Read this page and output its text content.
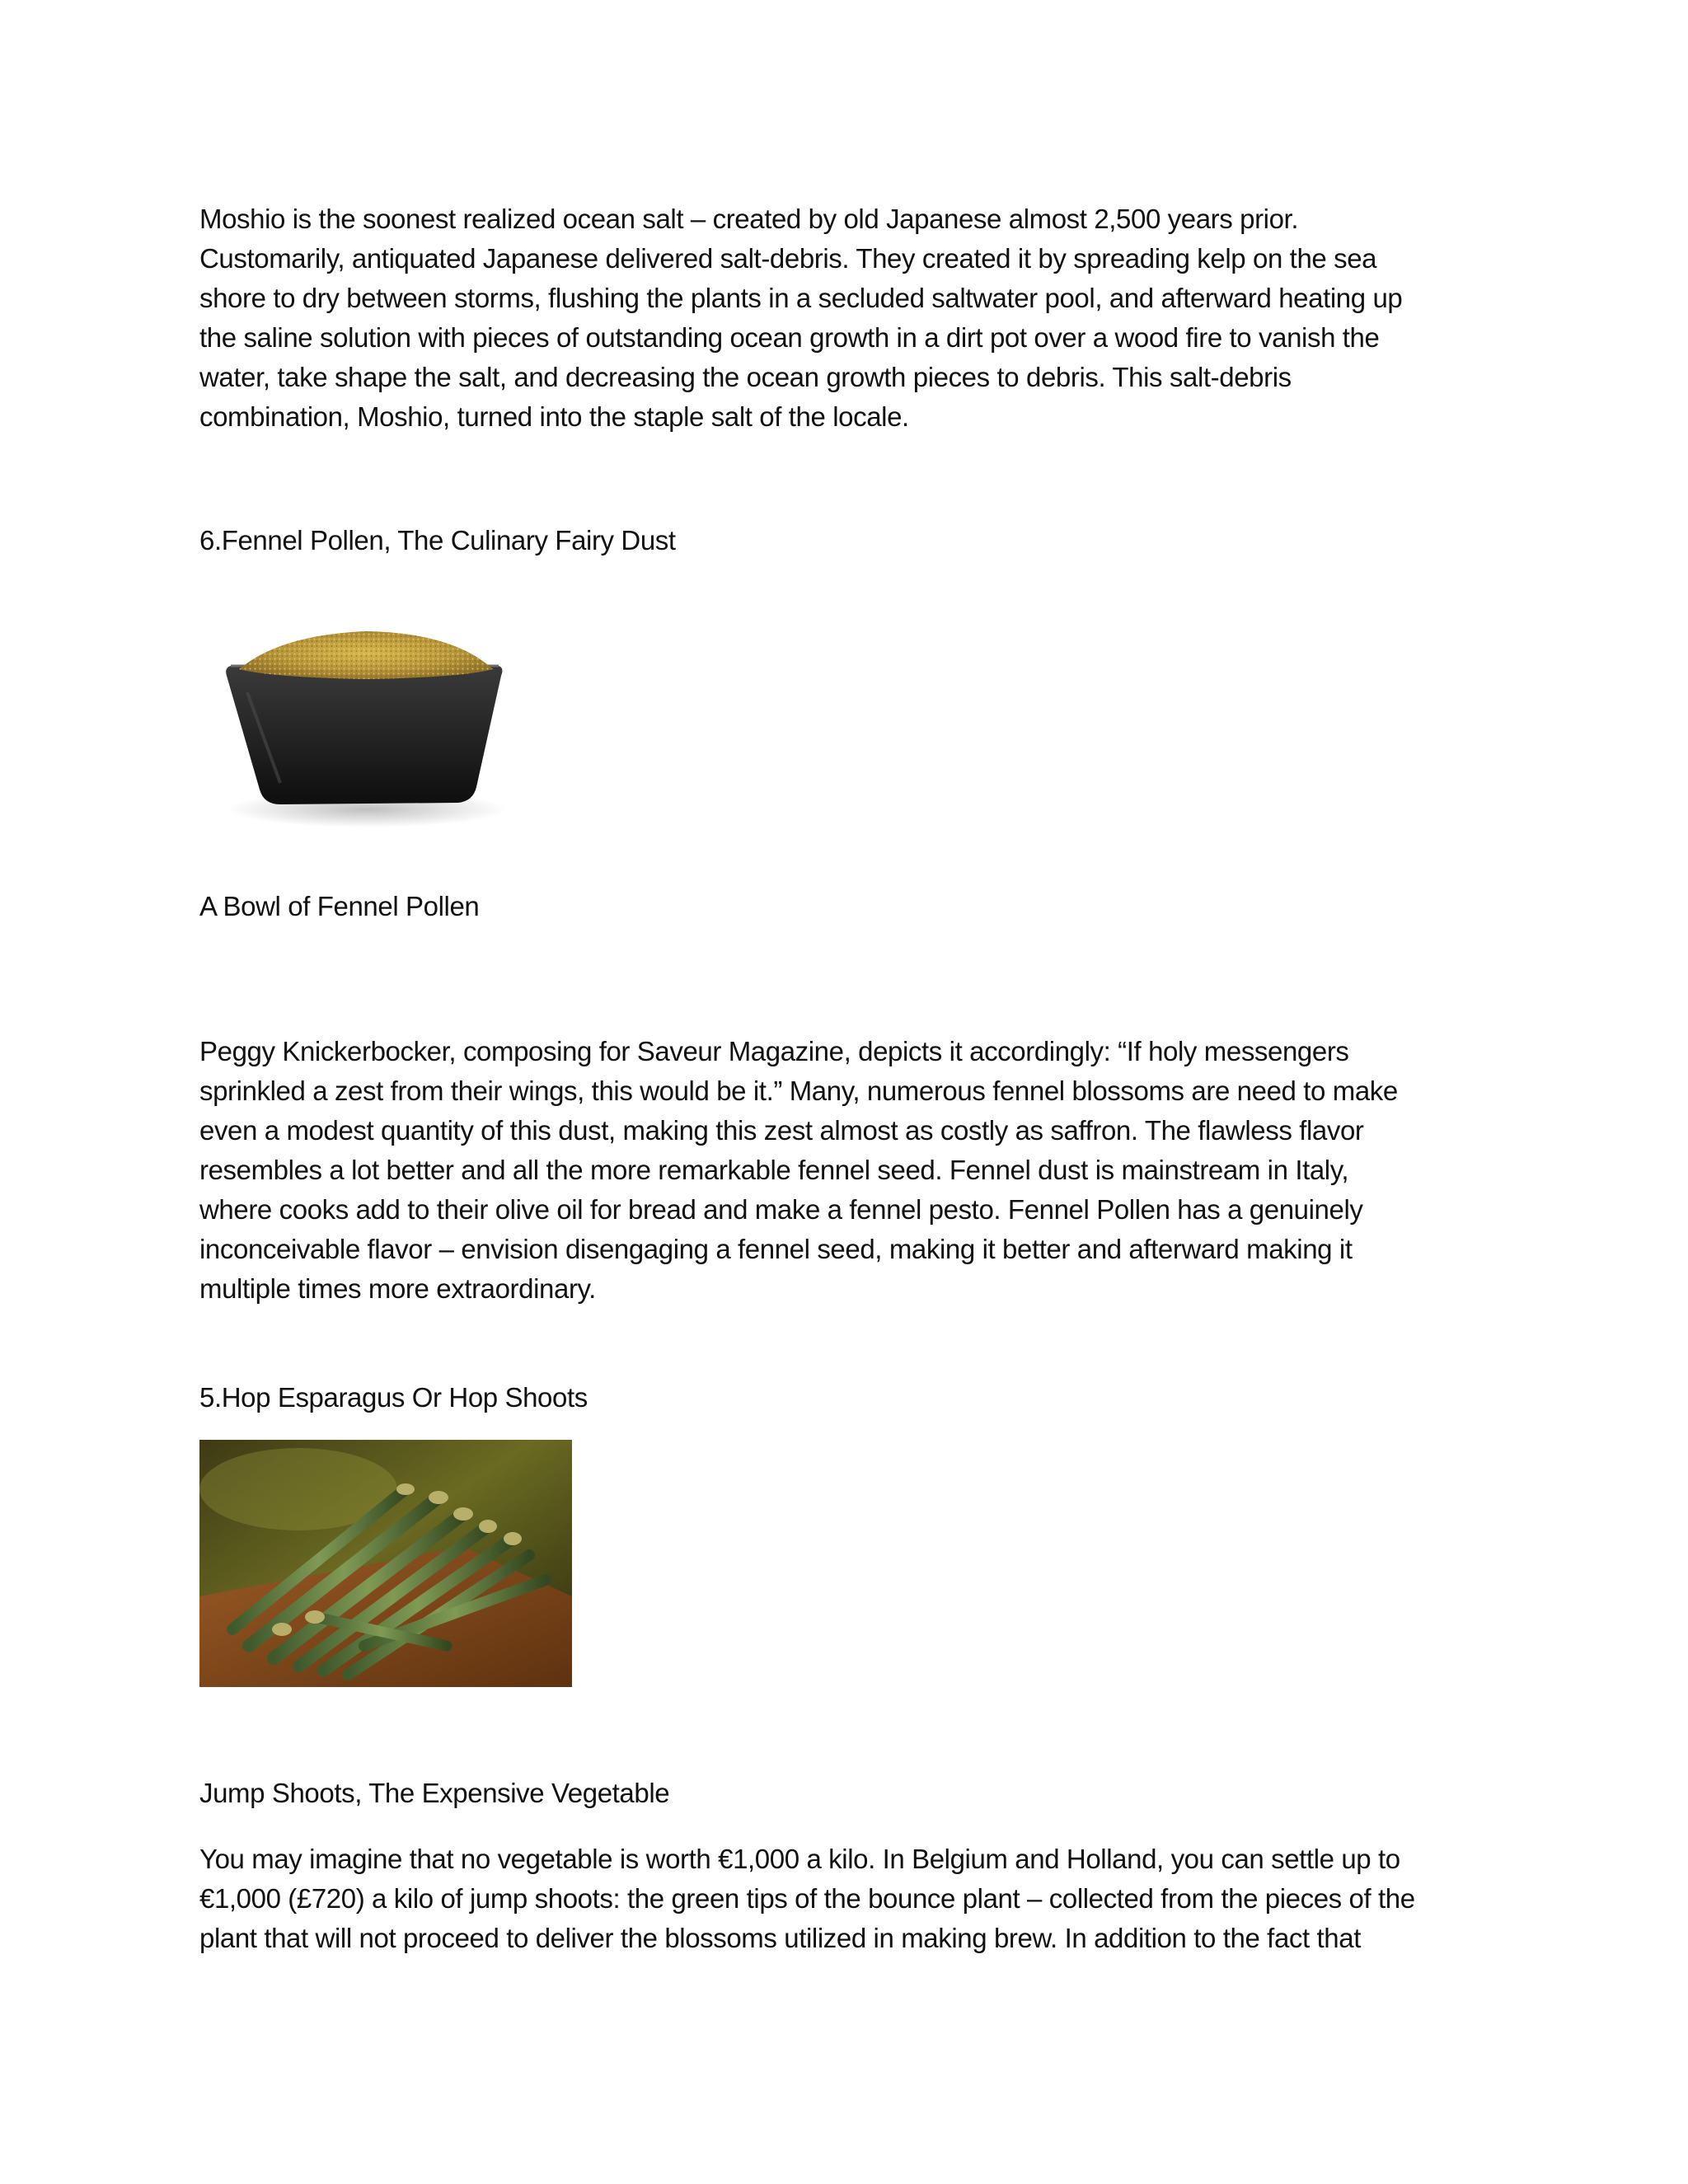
Moshio is the soonest realized ocean salt – created by old Japanese almost 2,500 years prior.
Customarily, antiquated Japanese delivered salt-debris. They created it by spreading kelp on the sea
shore to dry between storms, flushing the plants in a secluded saltwater pool, and afterward heating up
the saline solution with pieces of outstanding ocean growth in a dirt pot over a wood fire to vanish the
water, take shape the salt, and decreasing the ocean growth pieces to debris. This salt-debris
combination, Moshio, turned into the staple salt of the locale.
6.Fennel Pollen, The Culinary Fairy Dust
A Bowl of Fennel Pollen
Peggy Knickerbocker, composing for Saveur Magazine, depicts it accordingly: “If holy messengers
sprinkled a zest from their wings, this would be it.” Many, numerous fennel blossoms are need to make
even a modest quantity of this dust, making this zest almost as costly as saffron. The flawless flavor
resembles a lot better and all the more remarkable fennel seed. Fennel dust is mainstream in Italy,
where cooks add to their olive oil for bread and make a fennel pesto. Fennel Pollen has a genuinely
inconceivable flavor – envision disengaging a fennel seed, making it better and afterward making it
multiple times more extraordinary.
5.Hop Esparagus Or Hop Shoots
Jump Shoots, The Expensive Vegetable
You may imagine that no vegetable is worth €1,000 a kilo. In Belgium and Holland, you can settle up to
€1,000 (£720) a kilo of jump shoots: the green tips of the bounce plant – collected from the pieces of the
plant that will not proceed to deliver the blossoms utilized in making brew. In addition to the fact that
